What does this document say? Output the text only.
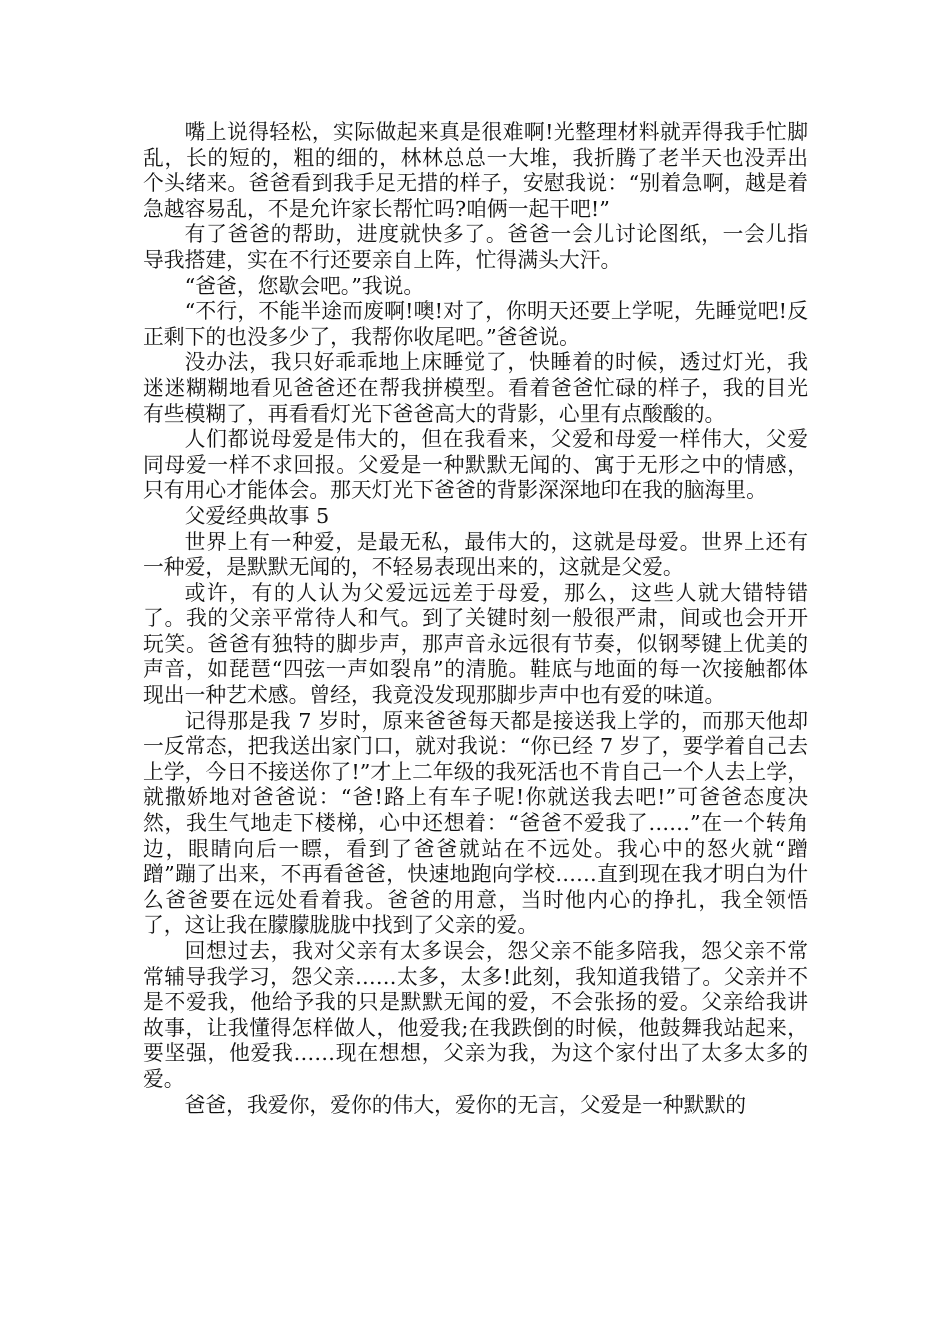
嘴上说得轻松，实际做起来真是很难啊!光整理材料就弄得我手忙脚乱，长的短的，粗的细的，林林总总一大堆，我折腾了老半天也没弄出个头绪来。爸爸看到我手足无措的样子，安慰我说：“别着急啊，越是着急越容易乱，不是允许家长帮忙吗?咱俩一起干吧!”

有了爸爸的帮助，进度就快多了。爸爸一会儿讨论图纸，一会儿指导我搭建，实在不行还要亲自上阵，忙得满头大汗。

“爸爸，您歇会吧。”我说。

“不行，不能半途而废啊!噢!对了，你明天还要上学呢，先睡觉吧!反正剩下的也没多少了，我帮你收尾吧。”爸爸说。

没办法，我只好乖乖地上床睡觉了，快睡着的时候，透过灯光，我迷迷糊糊地看见爸爸还在帮我拼模型。看着爸爸忙碌的样子，我的目光有些模糊了，再看看灯光下爸爸高大的背影，心里有点酸酸的。

人们都说母爱是伟大的，但在我看来，父爱和母爱一样伟大，父爱同母爱一样不求回报。父爱是一种默默无闻的、寓于无形之中的情感，只有用心才能体会。那天灯光下爸爸的背影深深地印在我的脑海里。

父爱经典故事 5

世界上有一种爱，是最无私，最伟大的，这就是母爱。世界上还有一种爱，是默默无闻的，不轻易表现出来的，这就是父爱。

或许，有的人认为父爱远远差于母爱，那么，这些人就大错特错了。我的父亲平常待人和气。到了关键时刻一般很严肃，间或也会开开玩笑。爸爸有独特的脚步声，那声音永远很有节奏，似钢琴键上优美的声音，如琵琶“四弦一声如裂帛”的清脆。鞋底与地面的每一次接触都体现出一种艺术感。曾经，我竟没发现那脚步声中也有爱的味道。

记得那是我 7 岁时，原来爸爸每天都是接送我上学的，而那天他却一反常态，把我送出家门口，就对我说：“你已经 7 岁了，要学着自己去上学，今日不接送你了!”才上二年级的我死活也不肯自己一个人去上学，就撒娇地对爸爸说：“爸!路上有车子呢!你就送我去吧!”可爸爸态度决然，我生气地走下楼梯，心中还想着：“爸爸不爱我了……”在一个转角边，眼睛向后一瞟，看到了爸爸就站在不远处。我心中的怒火就“蹭蹭”蹦了出来，不再看爸爸，快速地跑向学校……直到现在我才明白为什么爸爸要在远处看着我。爸爸的用意，当时他内心的挣扎，我全领悟了，这让我在朦朦胧胧中找到了父亲的爱。

回想过去，我对父亲有太多误会，怨父亲不能多陪我，怨父亲不常常辅导我学习，怨父亲……太多，太多!此刻，我知道我错了。父亲并不是不爱我，他给予我的只是默默无闻的爱，不会张扬的爱。父亲给我讲故事，让我懂得怎样做人，他爱我;在我跌倒的时候，他鼓舞我站起来，要坚强，他爱我……现在想想，父亲为我，为这个家付出了太多太多的爱。

爸爸，我爱你，爱你的伟大，爱你的无言，父爱是一种默默的
